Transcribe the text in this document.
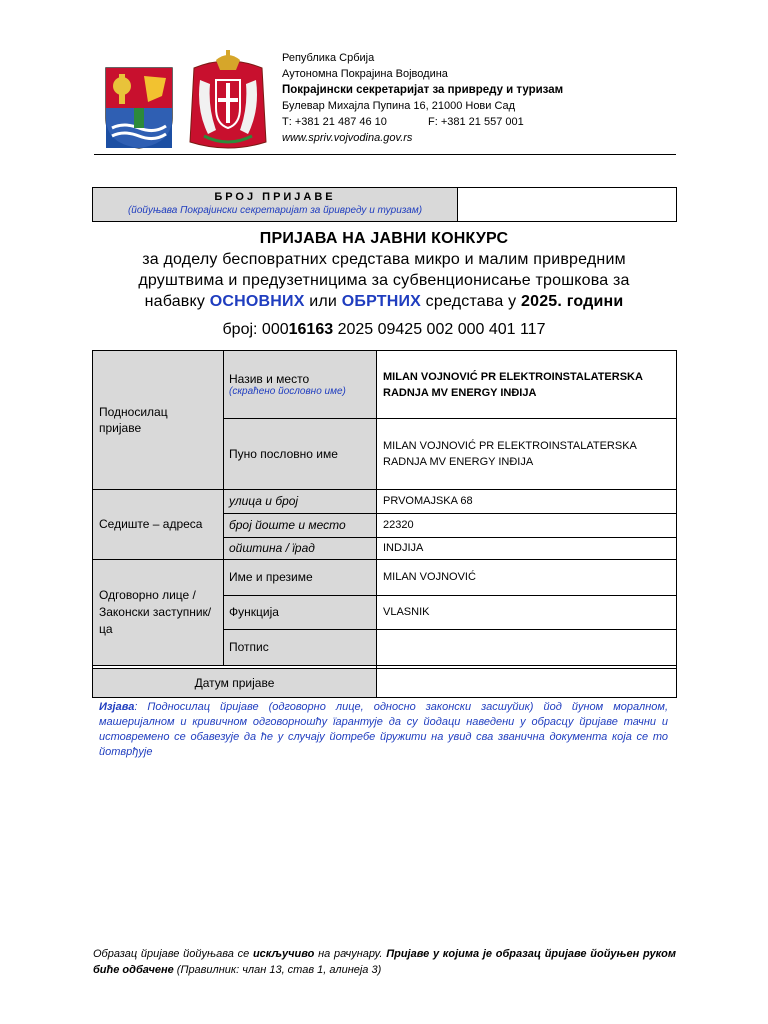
Република Србија
Аутономна Покрајина Војводина
Покрајински секретаријат за привреду и туризам
Булевар Михајла Пупина 16, 21000 Нови Сад
Т: +381 21 487 46 10	F: +381 21 557 001
www.spriv.vojvodina.gov.rs
БРОЈ ПРИЈАВЕ
(йойуњава Покрајински секретаријат за йривреду и туризам)
ПРИЈАВА НА ЈАВНИ КОНКУРС
за доделу бесповратних средстава микро и малим привредним
друштвима и предузетницима за субвенционисање трошкова за
набавку ОСНОВНИХ или ОБРТНИХ средстава у 2025. години
број: 00016163 2025 09425 002 000 401 117
Подносилац пријаве
Седиште – адреса
Одговорно лице / Законски заступник/ца
Назив и место
(скраћено йословно име)
Пуно пословно име
улица и број
број йоште и место
ойштина / їрад
Име и презиме
Функција
Потпис
MILAN VOJNOVIĆ PR ELEKTROINSTALATERSKA RADNJA MV ENERGY INĐIJA
MILAN VOJNOVIĆ PR ELEKTROINSTALATERSKA RADNJA MV ENERGY INĐIJA
PRVOMAJSKA 68
22320
INDJIJA
MILAN VOJNOVIĆ
VLASNIK
Датум пријаве
Изјава: Подносилац йријаве (одговорно лице, односно законски засшуйик) йод йуном моралном, машеријалном и кривичном одговорношћу їарантује да су йодаци наведени у обрасцу йријаве тачни и истовремено се обавезује да ће у случају йотребе йружити на увид сва званична документа која се то йотврђује
Образац йријаве йойуњава се искључиво на рачунару. Пријаве у којима је образац йријаве йойуњен руком биће одбачене (Правилник: члан 13, став 1, алинеја 3)
